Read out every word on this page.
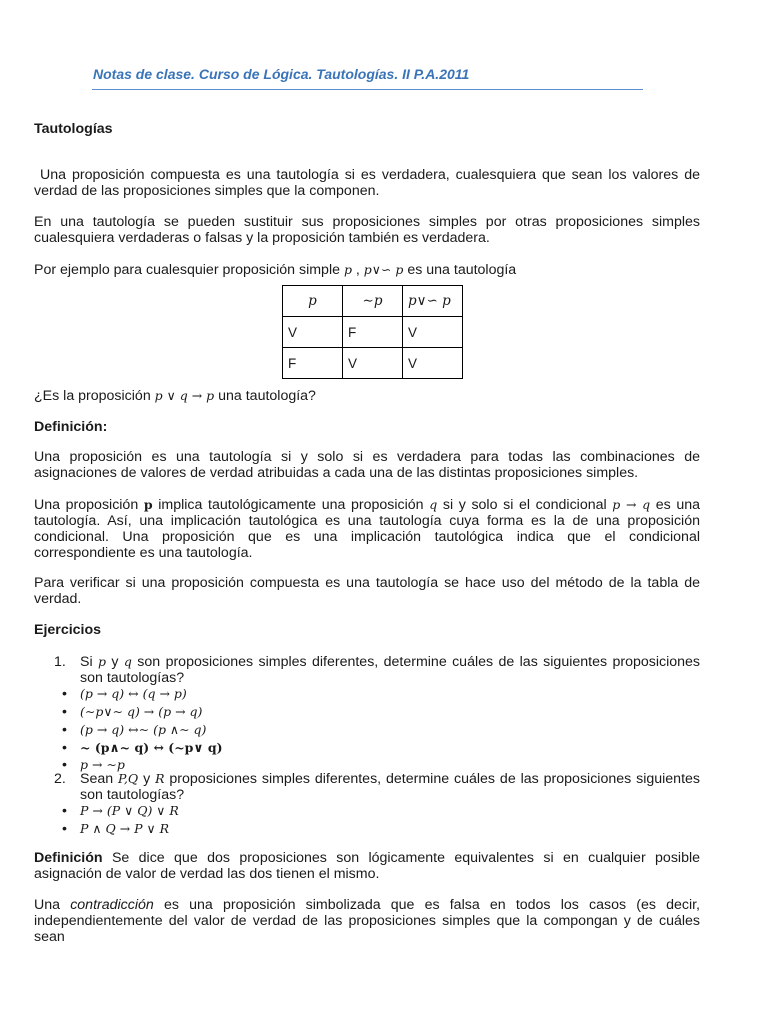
Notas de clase. Curso de Lógica. Tautologías. II P.A.2011
Tautologías
Una proposición compuesta es una tautología si es verdadera, cualesquiera que sean los valores de verdad de las proposiciones simples que la componen.
En una tautología se pueden sustituir sus proposiciones simples por otras proposiciones simples cualesquiera verdaderas o falsas y la proposición también es verdadera.
Por ejemplo para cualesquier proposición simple p , p∨∽ p es una tautología
p	∼p	p∨∽ p
V	F	V
F	V	V
¿Es la proposición p ∨ q → p una tautología?
Definición:
Una proposición es una tautología si y solo si es verdadera para todas las combinaciones de asignaciones de valores de verdad atribuidas a cada una de las distintas proposiciones simples.
Una proposición p implica tautológicamente una proposición q si y solo si el condicional p → q es una tautología. Así, una implicación tautológica es una tautología cuya forma es la de una proposición condicional. Una proposición que es una implicación tautológica indica que el condicional correspondiente es una tautología.
Para verificar si una proposición compuesta es una tautología se hace uso del método de la tabla de verdad.
Ejercicios
1. Si p y q son proposiciones simples diferentes, determine cuáles de las siguientes proposiciones son tautologías?
• (p → q) ↔ (q → p)
• (∼p∨∼ q) → (p → q)
• (p → q) ↔∼ (p ∧∼ q)
• ~ (p∧~ q) ↔ (~p∨ q)
• p → ∼p
2. Sean P,Q y R proposiciones simples diferentes, determine cuáles de las proposiciones siguientes son tautologías?
• P → (P ∨ Q) ∨ R
• P ∧ Q → P ∨ R
Definición Se dice que dos proposiciones son lógicamente equivalentes si en cualquier posible asignación de valor de verdad las dos tienen el mismo.
Una contradicción es una proposición simbolizada que es falsa en todos los casos (es decir, independientemente del valor de verdad de las proposiciones simples que la compongan y de cuáles sean
